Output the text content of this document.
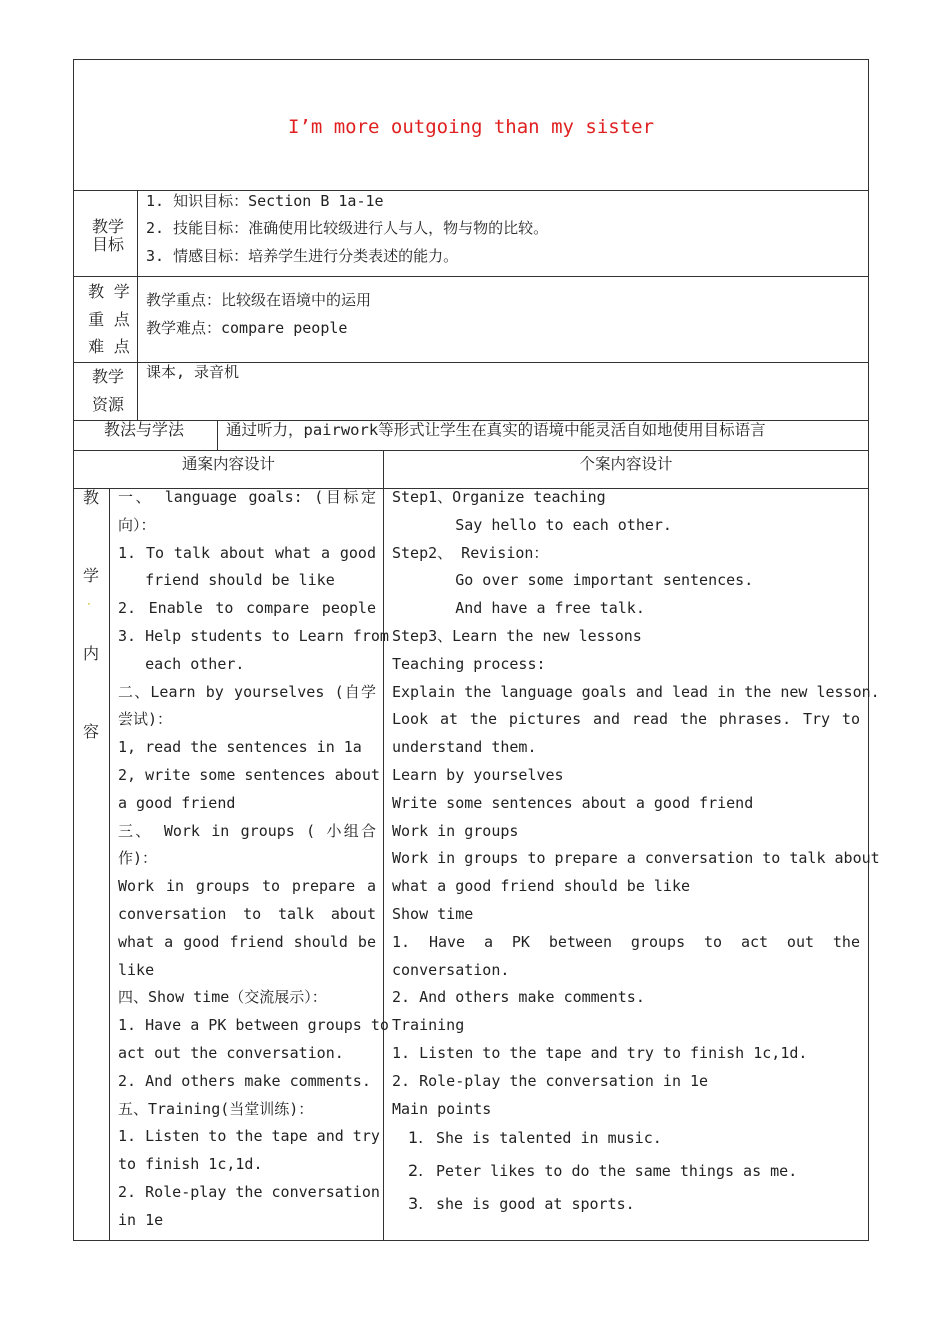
I’m more outgoing than my sister
教学
目标
1. 知识目标：Section B 1a-1e
2. 技能目标：准确使用比较级进行人与人，物与物的比较。
3. 情感目标：培养学生进行分类表述的能力。
教 学
重 点
难 点
教学重点：比较级在语境中的运用
教学难点：compare people
教学
资源
课本, 录音机
教法与学法	通过听力，pairwork等形式让学生在真实的语境中能灵活自如地使用目标语言
通案内容设计	个案内容设计
教
学
·
内
容
一、 language goals: (目标定
向）：
1. To talk about what a good
friend should be like
2. Enable to compare people
3. Help students to Learn from
each other.
二、Learn by yourselves (自学
尝试)：
1, read the sentences in 1a
2, write some sentences about
a good friend
三、 Work in groups ( 小组合
作)：
Work in groups to prepare a
conversation to talk about
what a good friend should be
like
四、Show time（交流展示）：
1. Have a PK between groups to
act out the conversation.
2. And others make comments.
五、Training(当堂训练)：
1. Listen to the tape and try
to finish 1c,1d.
2. Role-play the conversation
in 1e
Step1、Organize teaching
Say hello to each other.
Step2、 Revision：
Go over some important sentences.
And have a free talk.
Step3、Learn the new lessons
Teaching process:
Explain the language goals and lead in the new lesson.
Look at the pictures and read the phrases. Try to
understand them.
Learn by yourselves
Write some sentences about a good friend
Work in groups
Work in groups to prepare a conversation to talk about
what a good friend should be like
Show time
1. Have a PK between groups to act out the
conversation.
2. And others make comments.
Training
1. Listen to the tape and try to finish 1c,1d.
2. Role-play the conversation in 1e
Main points
1. She is talented in music.
2. Peter likes to do the same things as me.
3. she is good at sports.
